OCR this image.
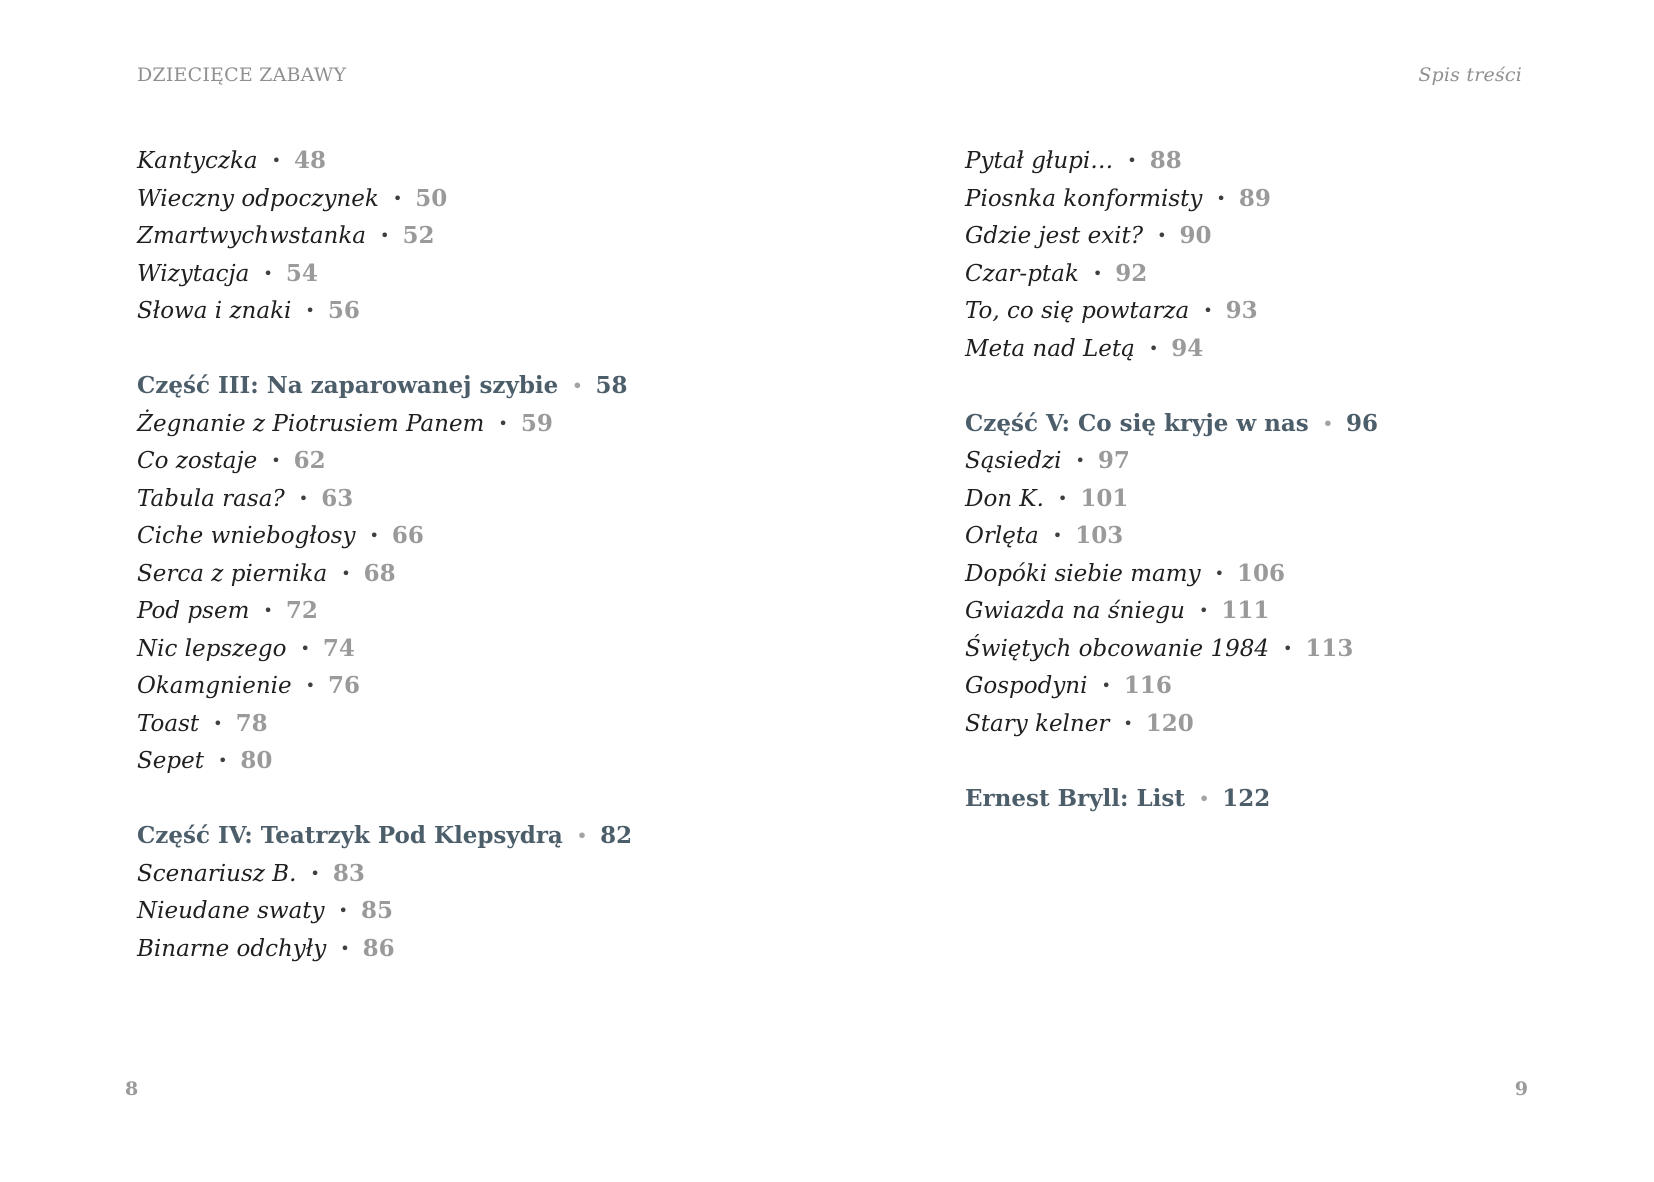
DZIECIĘCE ZABAWY	Spis treści
Kantyczka • 48
Wieczny odpoczynek • 50
Zmartwychwstanka • 52
Wizytacja • 54
Słowa i znaki • 56
Część III: Na zaparowanej szybie • 58
Żegnanie z Piotrusiem Panem • 59
Co zostaje • 62
Tabula rasa? • 63
Ciche wniebogłosy • 66
Serca z piernika • 68
Pod psem • 72
Nic lepszego • 74
Okamgnienie • 76
Toast • 78
Sepet • 80
Część IV: Teatrzyk Pod Klepsydrą • 82
Scenariusz B. • 83
Nieudane swaty • 85
Binarne odchyły • 86
Pytał głupi… • 88
Piosnka konformisty • 89
Gdzie jest exit? • 90
Czar-ptak • 92
To, co się powtarza • 93
Meta nad Letą • 94
Część V: Co się kryje w nas • 96
Sąsiedzi • 97
Don K. • 101
Orlęta • 103
Dopóki siebie mamy • 106
Gwiazda na śniegu • 111
Świętych obcowanie 1984 • 113
Gospodyni • 116
Stary kelner • 120
Ernest Bryll: List • 122
8	9
